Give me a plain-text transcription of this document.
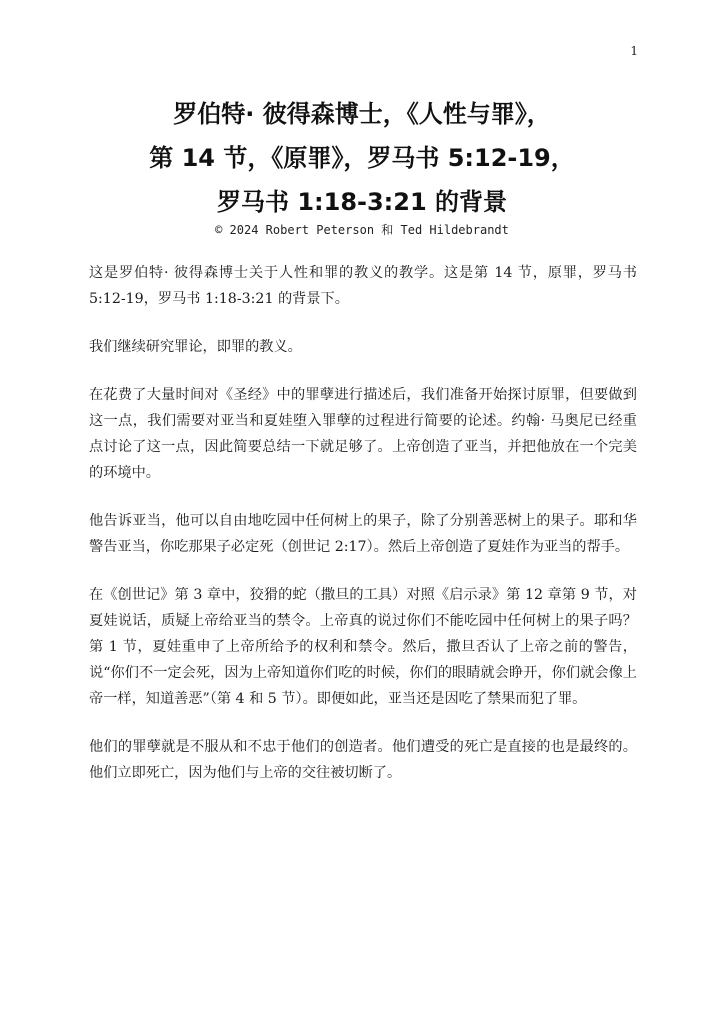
1
罗伯特· 彼得森博士，《人性与罪》，
第 14 节，《原罪》，罗马书 5:12-19，
罗马书 1:18-3:21 的背景
© 2024 Robert Peterson 和 Ted Hildebrandt

这是罗伯特· 彼得森博士关于人性和罪的教义的教学。这是第 14 节，原罪，罗马书 5:12-19，罗马书 1:18-3:21 的背景下。

我们继续研究罪论，即罪的教义。

在花费了大量时间对《圣经》中的罪孽进行描述后，我们准备开始探讨原罪，但要做到这一点，我们需要对亚当和夏娃堕入罪孽的过程进行简要的论述。约翰· 马奥尼已经重点讨论了这一点，因此简要总结一下就足够了。上帝创造了亚当，并把他放在一个完美的环境中。

他告诉亚当，他可以自由地吃园中任何树上的果子，除了分别善恶树上的果子。耶和华警告亚当，你吃那果子必定死（创世记 2:17）。然后上帝创造了夏娃作为亚当的帮手。

在《创世记》第 3 章中，狡猾的蛇（撒旦的工具）对照《启示录》第 12 章第 9 节，对夏娃说话，质疑上帝给亚当的禁令。上帝真的说过你们不能吃园中任何树上的果子吗？第 1 节，夏娃重申了上帝所给予的权利和禁令。然后，撒旦否认了上帝之前的警告，说“你们不一定会死，因为上帝知道你们吃的时候，你们的眼睛就会睁开，你们就会像上帝一样，知道善恶”（第 4 和 5 节）。即便如此，亚当还是因吃了禁果而犯了罪。

他们的罪孽就是不服从和不忠于他们的创造者。他们遭受的死亡是直接的也是最终的。他们立即死亡，因为他们与上帝的交往被切断了。
